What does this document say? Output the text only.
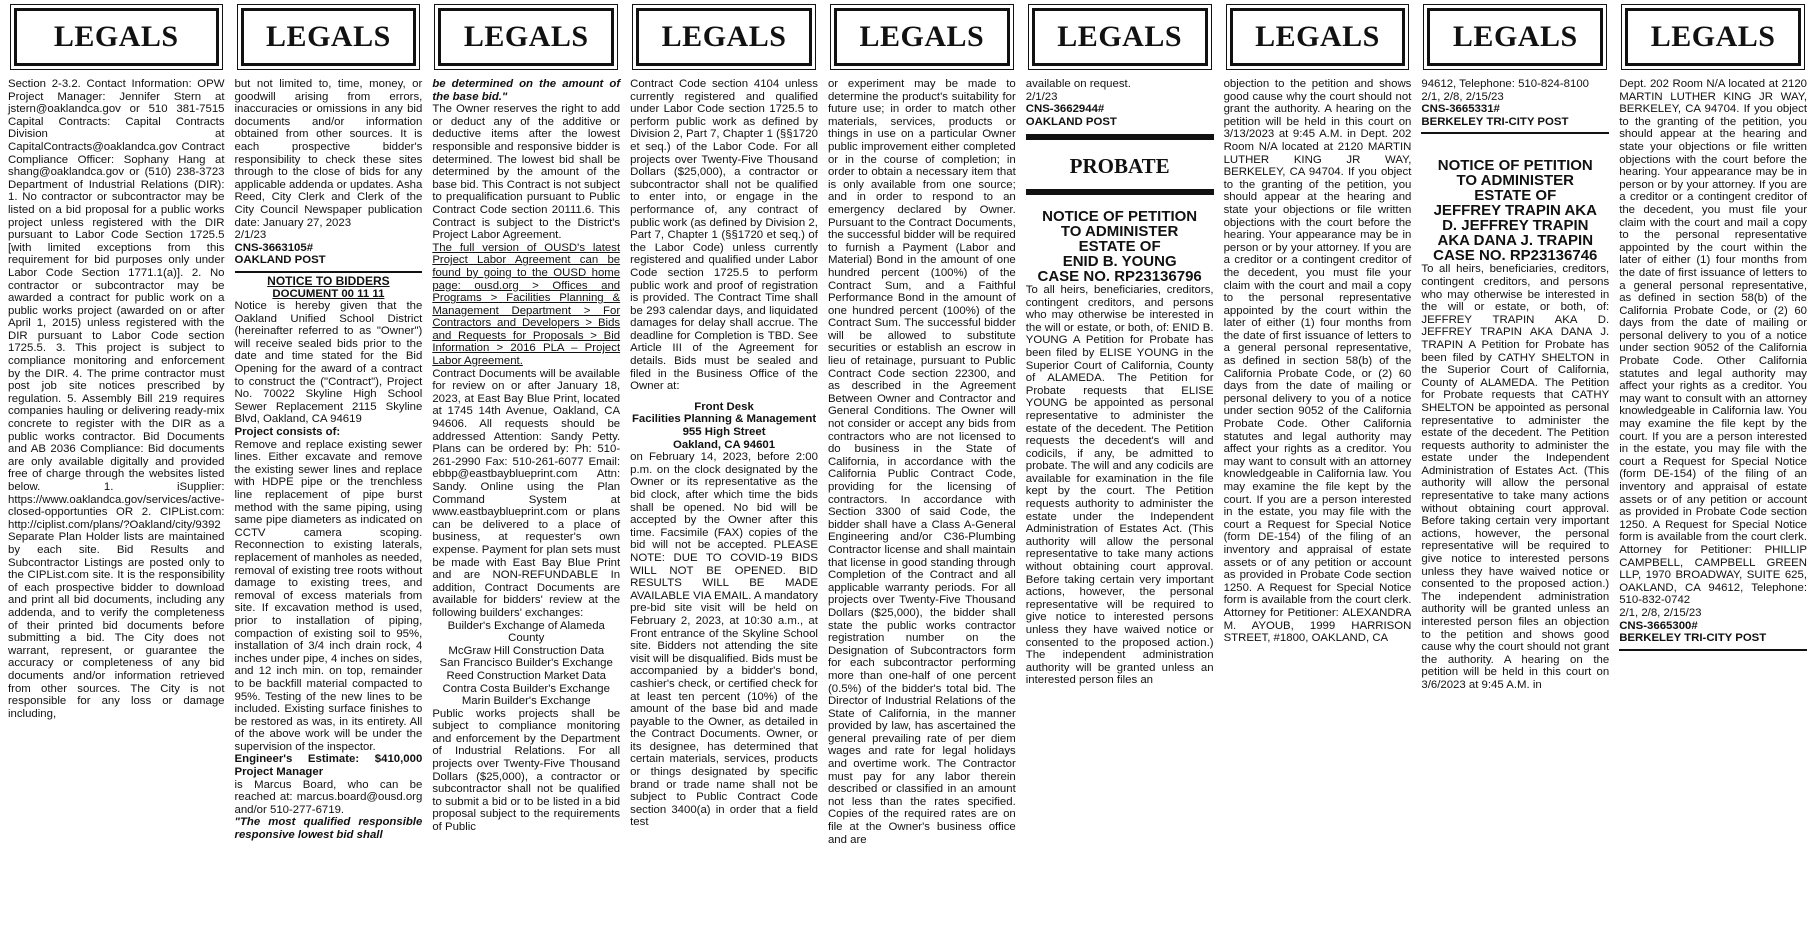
LEGALS

Section 2-3.2. Contact Information: OPW Project Manager: Jennifer Stern at jstern@oaklandca.gov or 510 381-7515 Capital Contracts: Capital Contracts Division at CapitalContracts@oaklandca.gov Contract Compliance Officer: Sophany Hang at shang@oaklandca.gov or (510) 238-3723 Department of Industrial Relations (DIR): 1. No contractor or subcontractor may be listed on a bid proposal for a public works project unless registered with the DIR pursuant to Labor Code Section 1725.5 [with limited exceptions from this requirement for bid purposes only under Labor Code Section 1771.1(a)]. 2. No contractor or subcontractor may be awarded a contract for public work on a public works project (awarded on or after April 1, 2015) unless registered with the DIR pursuant to Labor Code section 1725.5. 3. This project is subject to compliance monitoring and enforcement by the DIR. 4. The prime contractor must post job site notices prescribed by regulation. 5. Assembly Bill 219 requires companies hauling or delivering ready-mix concrete to register with the DIR as a public works contractor. Bid Documents and AB 2036 Compliance: Bid documents are only available digitally and provided free of charge through the websites listed below. 1. iSupplier: https://www.oaklandca.gov/services/active-closed-opportunties OR 2. CIPList.com: http://ciplist.com/plans/?Oakland/city/9392 Separate Plan Holder lists are maintained by each site. Bid Results and Subcontractor Listings are posted only to the CIPList.com site. It is the responsibility of each prospective bidder to download and print all bid documents, including any addenda, and to verify the completeness of their printed bid documents before submitting a bid. The City does not warrant, represent, or guarantee the accuracy or completeness of any bid documents and/or information retrieved from other sources. The City is not responsible for any loss or damage including,

LEGALS

but not limited to, time, money, or goodwill arising from errors, inaccuracies or omissions in any bid documents and/or information obtained from other sources. It is each prospective bidder's responsibility to check these sites through to the close of bids for any applicable addenda or updates. Asha Reed, City Clerk and Clerk of the City Council Newspaper publication date: January 27, 2023

2/1/23

CNS-3663105#

OAKLAND POST

NOTICE TO BIDDERS

DOCUMENT 00 11 11

Notice is hereby given that the Oakland Unified School District (hereinafter referred to as "Owner") will receive sealed bids prior to the date and time stated for the Bid Opening for the award of a contract to construct the ("Contract"), Project No. 70022 Skyline High School Sewer Replacement 2115 Skyline Blvd, Oakland, CA 94619

Project consists of:

Remove and replace existing sewer lines. Either excavate and remove the existing sewer lines and replace with HDPE pipe or the trenchless line replacement of pipe burst method with the same piping, using same pipe diameters as indicated on CCTV camera scoping. Reconnection to existing laterals, replacement of manholes as needed, removal of existing tree roots without damage to existing trees, and removal of excess materials from site. If excavation method is used, prior to installation of piping, compaction of existing soil to 95%, installation of 3/4 inch drain rock, 4 inches under pipe, 4 inches on sides, and 12 inch min. on top, remainder to be backfill material compacted to 95%. Testing of the new lines to be included. Existing surface finishes to be restored as was, in its entirety. All of the above work will be under the supervision of the inspector.

Engineer's Estimate: $410,000 Project Manager

is Marcus Board, who can be reached at: marcus.board@ousd.org and/or 510-277-6719.

"The most qualified responsible responsive lowest bid shall

LEGALS

be determined on the amount of the base bid."

The Owner reserves the right to add or deduct any of the additive or deductive items after the lowest responsible and responsive bidder is determined. The lowest bid shall be determined by the amount of the base bid. This Contract is not subject to prequalification pursuant to Public Contract Code section 20111.6. This Contract is subject to the District's Project Labor Agreement.

The full version of OUSD's latest Project Labor Agreement can be found by going to the OUSD home page: ousd.org > Offices and Programs > Facilities Planning & Management Department > For Contractors and Developers > Bids and Requests for Proposals > Bid Information > 2016 PLA – Project Labor Agreement.

Contract Documents will be available for review on or after January 18, 2023, at East Bay Blue Print, located at 1745 14th Avenue, Oakland, CA 94606. All requests should be addressed Attention: Sandy Petty. Plans can be ordered by: Ph: 510-261-2990 Fax: 510-261-6077 Email: ebbp@eastbayblueprint.com Attn: Sandy. Online using the Plan Command System at www.eastbayblueprint.com or plans can be delivered to a place of business, at requester's own expense. Payment for plan sets must be made with East Bay Blue Print and are NON-REFUNDABLE In addition, Contract Documents are available for bidders' review at the following builders' exchanges:

Builder's Exchange of Alameda County

McGraw Hill Construction Data

San Francisco Builder's Exchange

Reed Construction Market Data

Contra Costa Builder's Exchange

Marin Builder's Exchange

Public works projects shall be subject to compliance monitoring and enforcement by the Department of Industrial Relations. For all projects over Twenty-Five Thousand Dollars ($25,000), a contractor or subcontractor shall not be qualified to submit a bid or to be listed in a bid proposal subject to the requirements of Public

LEGALS

Contract Code section 4104 unless currently registered and qualified under Labor Code section 1725.5 to perform public work as defined by Division 2, Part 7, Chapter 1 (§§1720 et seq.) of the Labor Code. For all projects over Twenty-Five Thousand Dollars ($25,000), a contractor or subcontractor shall not be qualified to enter into, or engage in the performance of, any contract of public work (as defined by Division 2, Part 7, Chapter 1 (§§1720 et seq.) of the Labor Code) unless currently registered and qualified under Labor Code section 1725.5 to perform public work and proof of registration is provided. The Contract Time shall be 293 calendar days, and liquidated damages for delay shall accrue. The deadline for Completion is TBD. See Article III of the Agreement for details. Bids must be sealed and filed in the Business Office of the Owner at:

Front Desk

Facilities Planning & Management

955 High Street

Oakland, CA 94601

on February 14, 2023, before 2:00 p.m. on the clock designated by the Owner or its representative as the bid clock, after which time the bids shall be opened. No bid will be accepted by the Owner after this time. Facsimile (FAX) copies of the bid will not be accepted. PLEASE NOTE: DUE TO COVID-19 BIDS WILL NOT BE OPENED. BID RESULTS WILL BE MADE AVAILABLE VIA EMAIL. A mandatory pre-bid site visit will be held on February 2, 2023, at 10:30 a.m., at Front entrance of the Skyline School site. Bidders not attending the site visit will be disqualified. Bids must be accompanied by a bidder's bond, cashier's check, or certified check for at least ten percent (10%) of the amount of the base bid and made payable to the Owner, as detailed in the Contract Documents. Owner, or its designee, has determined that certain materials, services, products or things designated by specific brand or trade name shall not be subject to Public Contract Code section 3400(a) in order that a field test

LEGALS

or experiment may be made to determine the product's suitability for future use; in order to match other materials, services, products or things in use on a particular Owner public improvement either completed or in the course of completion; in order to obtain a necessary item that is only available from one source; and in order to respond to an emergency declared by Owner. Pursuant to the Contract Documents, the successful bidder will be required to furnish a Payment (Labor and Material) Bond in the amount of one hundred percent (100%) of the Contract Sum, and a Faithful Performance Bond in the amount of one hundred percent (100%) of the Contract Sum. The successful bidder will be allowed to substitute securities or establish an escrow in lieu of retainage, pursuant to Public Contract Code section 22300, and as described in the Agreement Between Owner and Contractor and General Conditions. The Owner will not consider or accept any bids from contractors who are not licensed to do business in the State of California, in accordance with the California Public Contract Code, providing for the licensing of contractors. In accordance with Section 3300 of said Code, the bidder shall have a Class A-General Engineering and/or C36-Plumbing Contractor license and shall maintain that license in good standing through Completion of the Contract and all applicable warranty periods. For all projects over Twenty-Five Thousand Dollars ($25,000), the bidder shall state the public works contractor registration number on the Designation of Subcontractors form for each subcontractor performing more than one-half of one percent (0.5%) of the bidder's total bid. The Director of Industrial Relations of the State of California, in the manner provided by law, has ascertained the general prevailing rate of per diem wages and rate for legal holidays and overtime work. The Contractor must pay for any labor therein described or classified in an amount not less than the rates specified. Copies of the required rates are on file at the Owner's business office and are

LEGALS

available on request.

2/1/23

CNS-3662944#

OAKLAND POST

PROBATE

NOTICE OF PETITION

TO ADMINISTER

ESTATE OF

ENID B. YOUNG

CASE NO. RP23136796

To all heirs, beneficiaries, creditors, contingent creditors, and persons who may otherwise be interested in the will or estate, or both, of: ENID B. YOUNG A Petition for Probate has been filed by ELISE YOUNG in the Superior Court of California, County of ALAMEDA. The Petition for Probate requests that ELISE YOUNG be appointed as personal representative to administer the estate of the decedent. The Petition requests the decedent's will and codicils, if any, be admitted to probate. The will and any codicils are available for examination in the file kept by the court. The Petition requests authority to administer the estate under the Independent Administration of Estates Act. (This authority will allow the personal representative to take many actions without obtaining court approval. Before taking certain very important actions, however, the personal representative will be required to give notice to interested persons unless they have waived notice or consented to the proposed action.) The independent administration authority will be granted unless an interested person files an

LEGALS

objection to the petition and shows good cause why the court should not grant the authority. A hearing on the petition will be held in this court on 3/13/2023 at 9:45 A.M. in Dept. 202 Room N/A located at 2120 MARTIN LUTHER KING JR WAY, BERKELEY, CA 94704. If you object to the granting of the petition, you should appear at the hearing and state your objections or file written objections with the court before the hearing. Your appearance may be in person or by your attorney. If you are a creditor or a contingent creditor of the decedent, you must file your claim with the court and mail a copy to the personal representative appointed by the court within the later of either (1) four months from the date of first issuance of letters to a general personal representative, as defined in section 58(b) of the California Probate Code, or (2) 60 days from the date of mailing or personal delivery to you of a notice under section 9052 of the California Probate Code. Other California statutes and legal authority may affect your rights as a creditor. You may want to consult with an attorney knowledgeable in California law. You may examine the file kept by the court. If you are a person interested in the estate, you may file with the court a Request for Special Notice (form DE-154) of the filing of an inventory and appraisal of estate assets or of any petition or account as provided in Probate Code section 1250. A Request for Special Notice form is available from the court clerk. Attorney for Petitioner: ALEXANDRA M. AYOUB, 1999 HARRISON STREET, #1800, OAKLAND, CA

LEGALS

94612, Telephone: 510-824-8100

2/1, 2/8, 2/15/23

CNS-3665331#

BERKELEY TRI-CITY POST

NOTICE OF PETITION

TO ADMINISTER

ESTATE OF

JEFFREY TRAPIN AKA

D. JEFFREY TRAPIN

AKA DANA J. TRAPIN

CASE NO. RP23136746

To all heirs, beneficiaries, creditors, contingent creditors, and persons who may otherwise be interested in the will or estate, or both, of: JEFFREY TRAPIN AKA D. JEFFREY TRAPIN AKA DANA J. TRAPIN A Petition for Probate has been filed by CATHY SHELTON in the Superior Court of California, County of ALAMEDA. The Petition for Probate requests that CATHY SHELTON be appointed as personal representative to administer the estate of the decedent. The Petition requests authority to administer the estate under the Independent Administration of Estates Act. (This authority will allow the personal representative to take many actions without obtaining court approval. Before taking certain very important actions, however, the personal representative will be required to give notice to interested persons unless they have waived notice or consented to the proposed action.) The independent administration authority will be granted unless an interested person files an objection to the petition and shows good cause why the court should not grant the authority. A hearing on the petition will be held in this court on 3/6/2023 at 9:45 A.M. in

LEGALS

Dept. 202 Room N/A located at 2120 MARTIN LUTHER KING JR WAY, BERKELEY, CA 94704. If you object to the granting of the petition, you should appear at the hearing and state your objections or file written objections with the court before the hearing. Your appearance may be in person or by your attorney. If you are a creditor or a contingent creditor of the decedent, you must file your claim with the court and mail a copy to the personal representative appointed by the court within the later of either (1) four months from the date of first issuance of letters to a general personal representative, as defined in section 58(b) of the California Probate Code, or (2) 60 days from the date of mailing or personal delivery to you of a notice under section 9052 of the California Probate Code. Other California statutes and legal authority may affect your rights as a creditor. You may want to consult with an attorney knowledgeable in California law. You may examine the file kept by the court. If you are a person interested in the estate, you may file with the court a Request for Special Notice (form DE-154) of the filing of an inventory and appraisal of estate assets or of any petition or account as provided in Probate Code section 1250. A Request for Special Notice form is available from the court clerk. Attorney for Petitioner: PHILLIP CAMPBELL, CAMPBELL GREEN LLP, 1970 BROADWAY, SUITE 625, OAKLAND, CA 94612, Telephone: 510-832-0742

2/1, 2/8, 2/15/23

CNS-3665300#

BERKELEY TRI-CITY POST
